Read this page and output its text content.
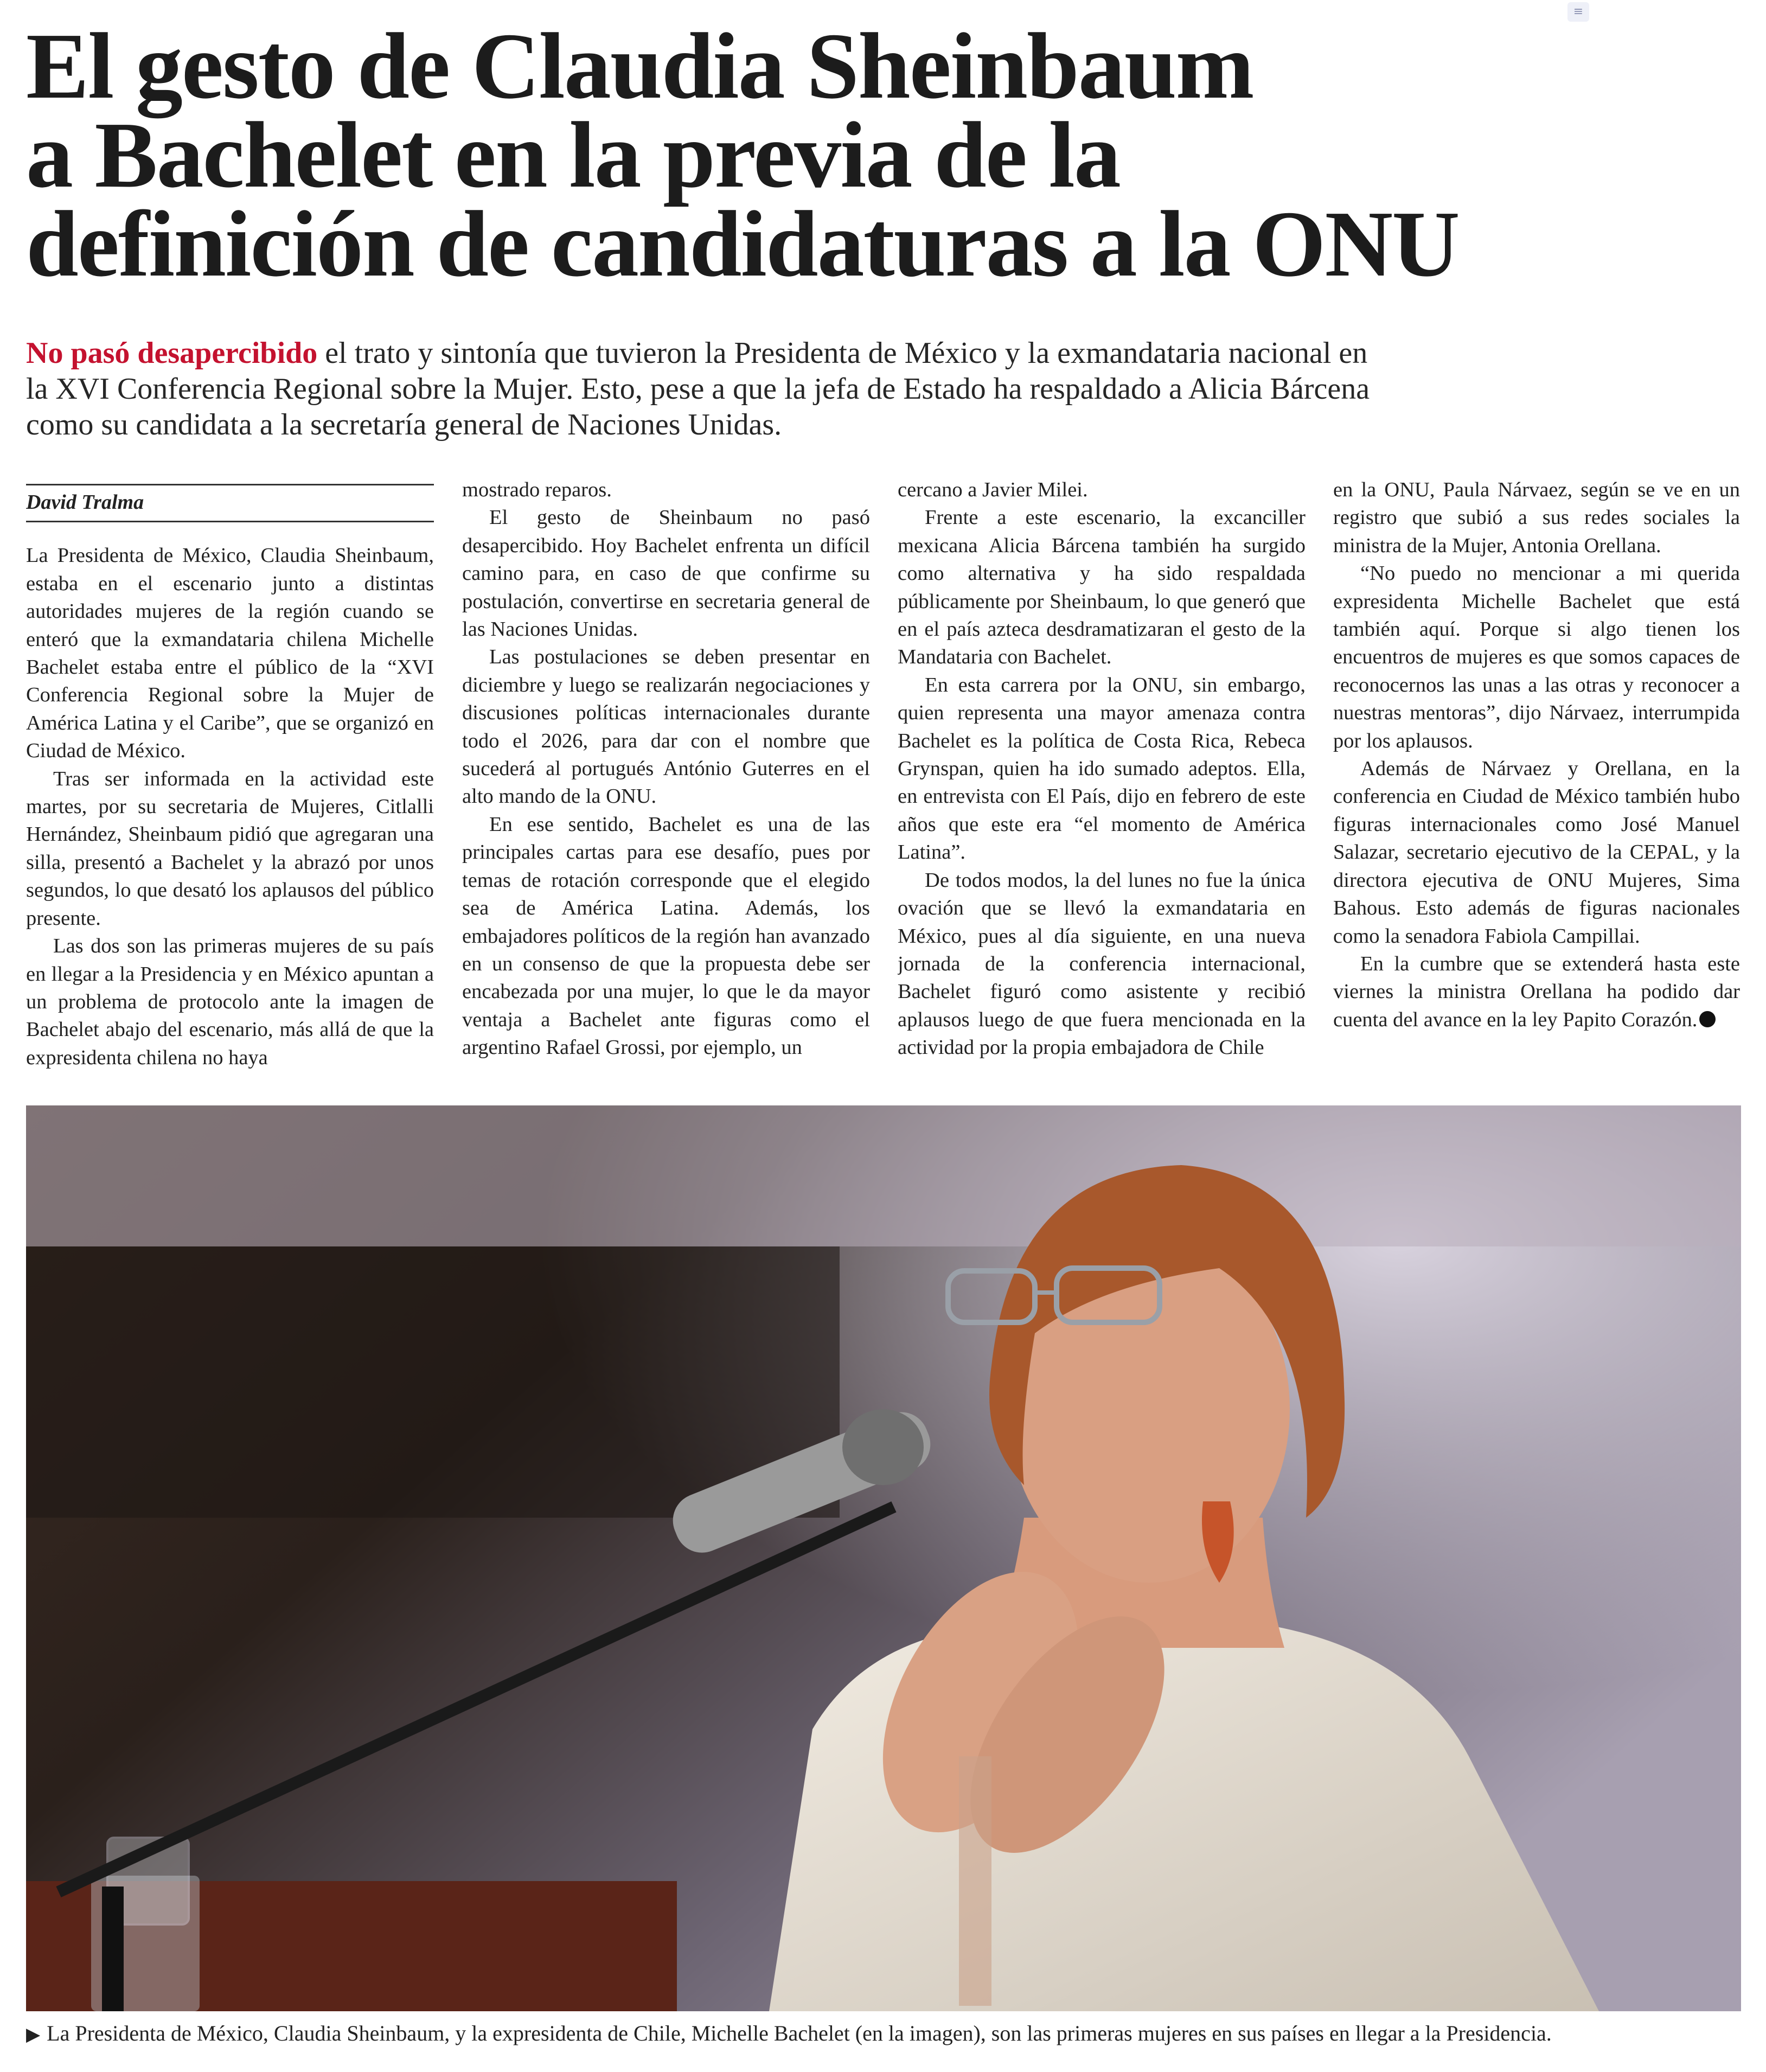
≡
El gesto de Claudia Sheinbaum
a Bachelet en la previa de la
definición de candidaturas a la ONU
No pasó desapercibido el trato y sintonía que tuvieron la Presidenta de México y la exmandataria nacional en la XVI Conferencia Regional sobre la Mujer. Esto, pese a que la jefa de Estado ha respaldado a Alicia Bárcena como su candidata a la secretaría general de Naciones Unidas.
David Tralma

La Presidenta de México, Claudia Sheinbaum, estaba en el escenario junto a distintas autoridades mujeres de la región cuando se enteró que la exmandataria chilena Michelle Bachelet estaba entre el público de la “XVI Conferencia Regional sobre la Mujer de América Latina y el Caribe”, que se organizó en Ciudad de México.

Tras ser informada en la actividad este martes, por su secretaria de Mujeres, Citlalli Hernández, Sheinbaum pidió que agregaran una silla, presentó a Bachelet y la abrazó por unos segundos, lo que desató los aplausos del público presente.

Las dos son las primeras mujeres de su país en llegar a la Presidencia y en México apuntan a un problema de protocolo ante la imagen de Bachelet abajo del escenario, más allá de que la expresidenta chilena no haya

mostrado reparos.

El gesto de Sheinbaum no pasó desapercibido. Hoy Bachelet enfrenta un difícil camino para, en caso de que confirme su postulación, convertirse en secretaria general de las Naciones Unidas.

Las postulaciones se deben presentar en diciembre y luego se realizarán negociaciones y discusiones políticas internacionales durante todo el 2026, para dar con el nombre que sucederá al portugués António Guterres en el alto mando de la ONU.

En ese sentido, Bachelet es una de las principales cartas para ese desafío, pues por temas de rotación corresponde que el elegido sea de América Latina. Además, los embajadores políticos de la región han avanzado en un consenso de que la propuesta debe ser encabezada por una mujer, lo que le da mayor ventaja a Bachelet ante figuras como el argentino Rafael Grossi, por ejemplo, un

cercano a Javier Milei.

Frente a este escenario, la excanciller mexicana Alicia Bárcena también ha surgido como alternativa y ha sido respaldada públicamente por Sheinbaum, lo que generó que en el país azteca desdramatizaran el gesto de la Mandataria con Bachelet.

En esta carrera por la ONU, sin embargo, quien representa una mayor amenaza contra Bachelet es la política de Costa Rica, Rebeca Grynspan, quien ha ido sumado adeptos. Ella, en entrevista con El País, dijo en febrero de este años que este era “el momento de América Latina”.

De todos modos, la del lunes no fue la única ovación que se llevó la exmandataria en México, pues al día siguiente, en una nueva jornada de la conferencia internacional, Bachelet figuró como asistente y recibió aplausos luego de que fuera mencionada en la actividad por la propia embajadora de Chile

en la ONU, Paula Nárvaez, según se ve en un registro que subió a sus redes sociales la ministra de la Mujer, Antonia Orellana.

“No puedo no mencionar a mi querida expresidenta Michelle Bachelet que está también aquí. Porque si algo tienen los encuentros de mujeres es que somos capaces de reconocernos las unas a las otras y reconocer a nuestras mentoras”, dijo Nárvaez, interrumpida por los aplausos.

Además de Nárvaez y Orellana, en la conferencia en Ciudad de México también hubo figuras internacionales como José Manuel Salazar, secretario ejecutivo de la CEPAL, y la directora ejecutiva de ONU Mujeres, Sima Bahous. Esto además de figuras nacionales como la senadora Fabiola Campillai.

En la cumbre que se extenderá hasta este viernes la ministra Orellana ha podido dar cuenta del avance en la ley Papito Corazón.

▶ La Presidenta de México, Claudia Sheinbaum, y la expresidenta de Chile, Michelle Bachelet (en la imagen), son las primeras mujeres en sus países en llegar a la Presidencia.
